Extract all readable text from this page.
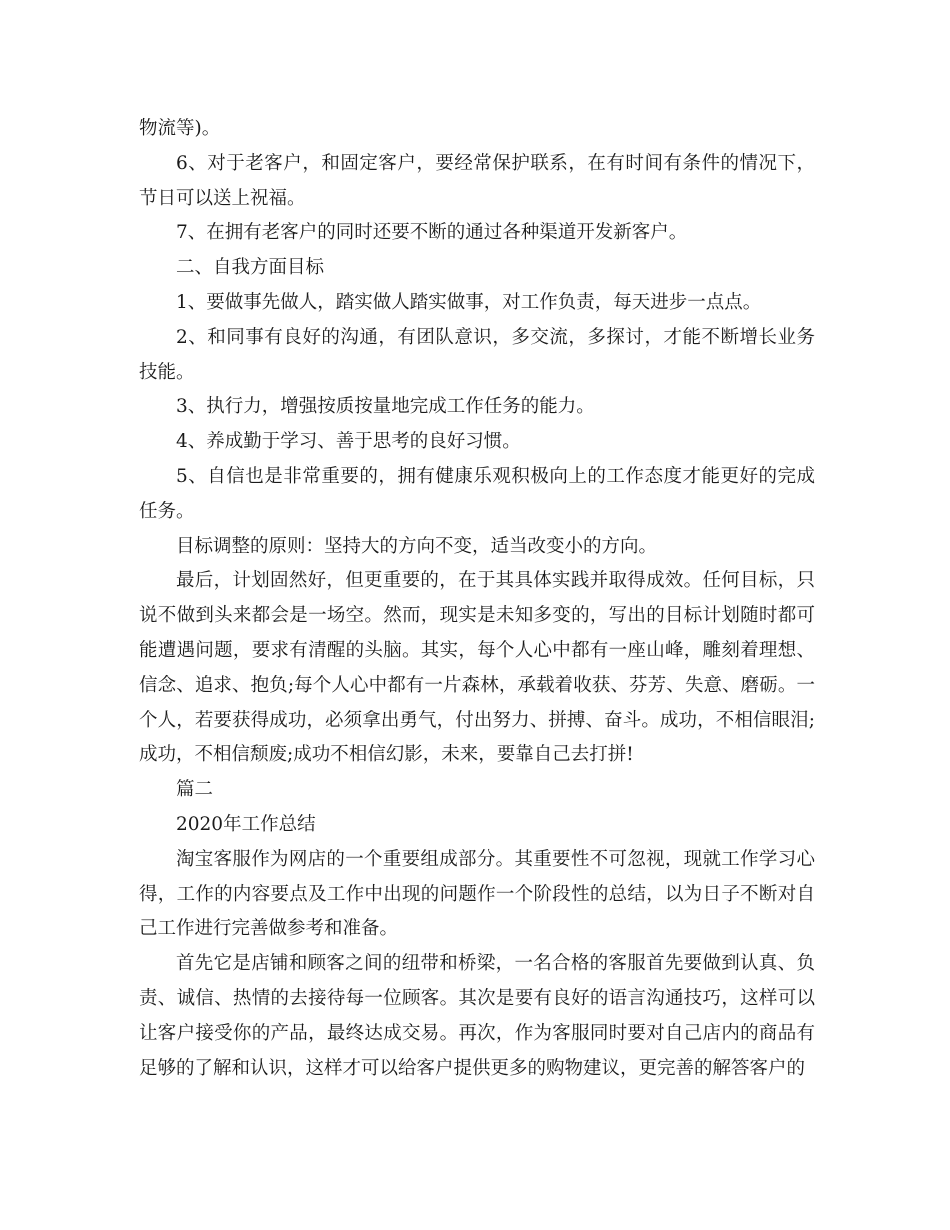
物流等)。

6、对于老客户，和固定客户，要经常保护联系，在有时间有条件的情况下，节日可以送上祝福。

7、在拥有老客户的同时还要不断的通过各种渠道开发新客户。

二、自我方面目标

1、要做事先做人，踏实做人踏实做事，对工作负责，每天进步一点点。

2、和同事有良好的沟通，有团队意识，多交流，多探讨，才能不断增长业务技能。

3、执行力，增强按质按量地完成工作任务的能力。

4、养成勤于学习、善于思考的良好习惯。

5、自信也是非常重要的，拥有健康乐观积极向上的工作态度才能更好的完成任务。

目标调整的原则：坚持大的方向不变，适当改变小的方向。

最后，计划固然好，但更重要的，在于其具体实践并取得成效。任何目标，只说不做到头来都会是一场空。然而，现实是未知多变的，写出的目标计划随时都可能遭遇问题，要求有清醒的头脑。其实，每个人心中都有一座山峰，雕刻着理想、信念、追求、抱负;每个人心中都有一片森林，承载着收获、芬芳、失意、磨砺。一个人，若要获得成功，必须拿出勇气，付出努力、拼搏、奋斗。成功，不相信眼泪;成功，不相信颓废;成功不相信幻影，未来，要靠自己去打拼!

篇二

2020年工作总结

淘宝客服作为网店的一个重要组成部分。其重要性不可忽视，现就工作学习心得，工作的内容要点及工作中出现的问题作一个阶段性的总结，以为日子不断对自己工作进行完善做参考和准备。

首先它是店铺和顾客之间的纽带和桥梁，一名合格的客服首先要做到认真、负责、诚信、热情的去接待每一位顾客。其次是要有良好的语言沟通技巧，这样可以让客户接受你的产品，最终达成交易。再次，作为客服同时要对自己店内的商品有足够的了解和认识，这样才可以给客户提供更多的购物建议，更完善的解答客户的
